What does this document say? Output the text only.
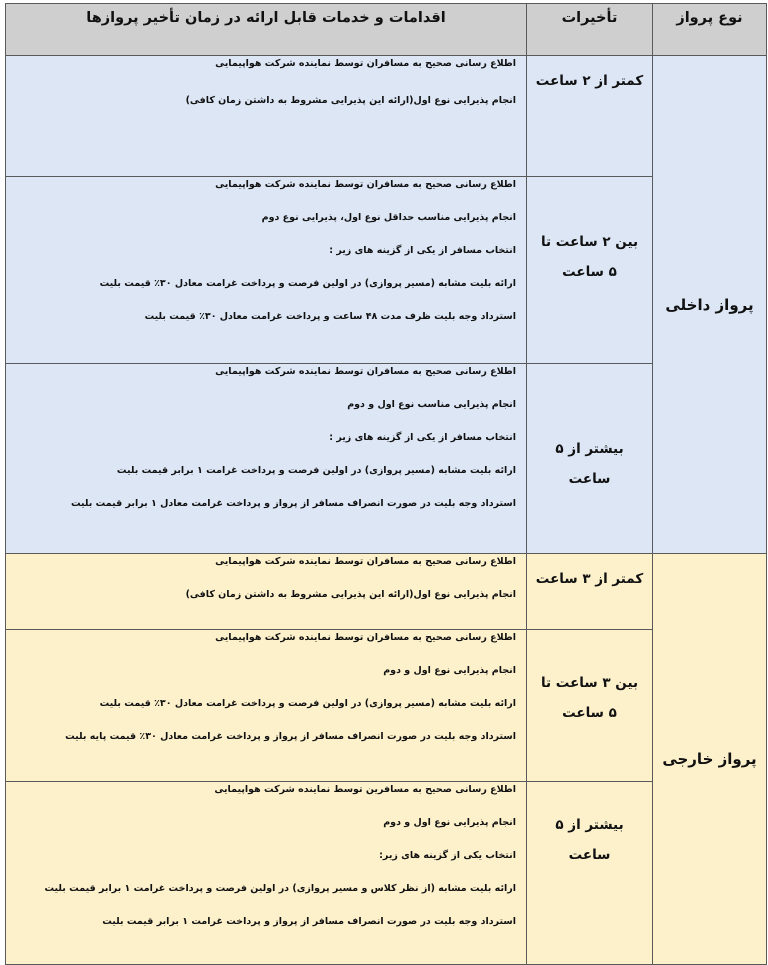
نوع پرواز	تأخیرات	اقدامات و خدمات قابل ارائه در زمان تأخیر پروازها
پرواز داخلی	کمتر از ۲ ساعت	اطلاع رسانی صحیح به مسافران توسط نماینده شرکت هواپیمایی
انجام پذیرایی نوع اول(ارائه این پذیرایی مشروط به داشتن زمان کافی)

	بین ۲ ساعت تا ۵ ساعت	اطلاع رسانی صحیح به مسافران توسط نماینده شرکت هواپیمایی
انجام پذیرایی مناسب حداقل نوع اول، پذیرایی نوع دوم
انتخاب مسافر از یکی از گزینه های زیر :
ارائه بلیت مشابه (مسیر پروازی) در اولین فرصت و پرداخت غرامت معادل ۳۰٪ قیمت بلیت
استرداد وجه بلیت ظرف مدت ۴۸ ساعت و پرداخت غرامت معادل ۳۰٪ قیمت بلیت

	بیشتر از ۵ ساعت	اطلاع رسانی صحیح به مسافران توسط نماینده شرکت هواپیمایی
انجام پذیرایی مناسب نوع اول و دوم
انتخاب مسافر از یکی از گزینه های زیر :
ارائه بلیت مشابه (مسیر پروازی) در اولین فرصت و پرداخت غرامت ۱ برابر قیمت بلیت
استرداد وجه بلیت در صورت انصراف مسافر از پرواز و پرداخت غرامت معادل ۱ برابر قیمت بلیت

پرواز خارجی	کمتر از ۳ ساعت	اطلاع رسانی صحیح به مسافران توسط نماینده شرکت هواپیمایی
انجام پذیرایی نوع اول(ارائه این پذیرایی مشروط به داشتن زمان کافی)

	بین ۳ ساعت تا ۵ ساعت	اطلاع رسانی صحیح به مسافران توسط نماینده شرکت هواپیمایی
انجام پذیرایی نوع اول و دوم
ارائه بلیت مشابه (مسیر پروازی) در اولین فرصت و پرداخت غرامت معادل ۳۰٪ قیمت بلیت
استرداد وجه بلیت در صورت انصراف مسافر از پرواز و پرداخت غرامت معادل ۳۰٪ قیمت پایه بلیت

	بیشتر از ۵ ساعت	اطلاع رسانی صحیح به مسافرین توسط نماینده شرکت هواپیمایی
انجام پذیرایی نوع اول و دوم
انتخاب یکی از گزینه های زیر:
ارائه بلیت مشابه (از نظر کلاس و مسیر پروازی) در اولین فرصت و پرداخت غرامت ۱ برابر قیمت بلیت
استرداد وجه بلیت در صورت انصراف مسافر از پرواز و پرداخت غرامت ۱ برابر قیمت بلیت
